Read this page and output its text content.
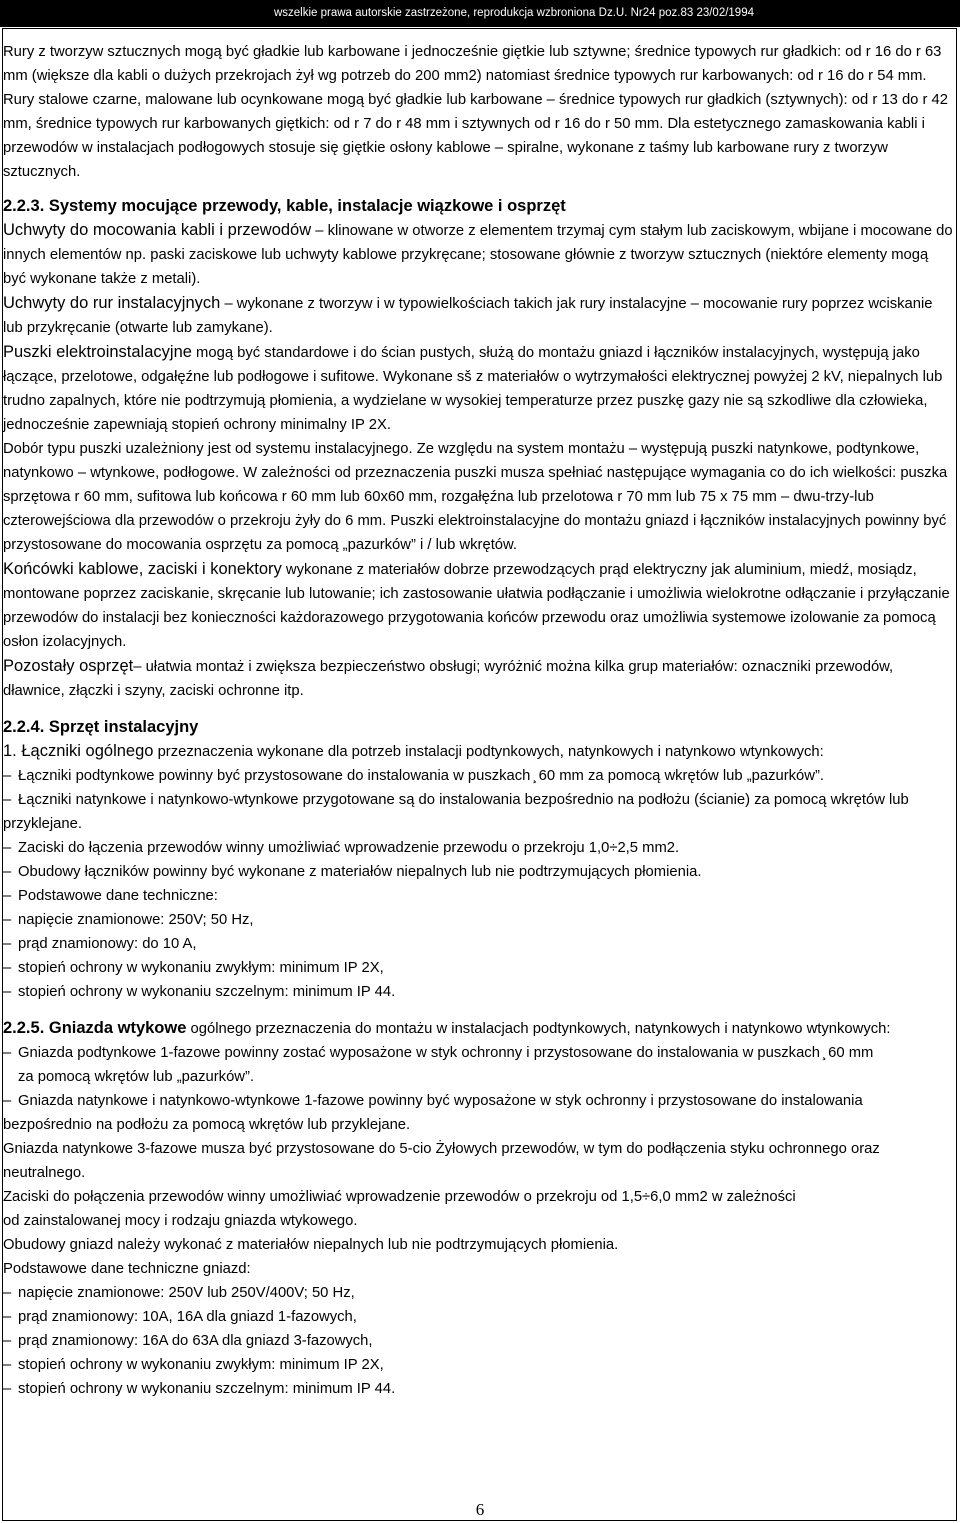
wszelkie prawa autorskie zastrzeżone, reprodukcja wzbroniona Dz.U. Nr24 poz.83 23/02/1994

Rury z tworzyw sztucznych mogą być gładkie lub karbowane i jednocześnie giętkie lub sztywne; średnice typowych rur gładkich: od r 16 do r 63 mm (większe dla kabli o dużych przekrojach żył wg potrzeb do 200 mm2) natomiast średnice typowych rur karbowanych: od r 16 do r 54 mm.

Rury stalowe czarne, malowane lub ocynkowane mogą być gładkie lub karbowane – średnice typowych rur gładkich (sztywnych): od r 13 do r 42 mm, średnice typowych rur karbowanych giętkich: od r 7 do r 48 mm i sztywnych od r 16 do r 50 mm. Dla estetycznego zamaskowania kabli i przewodów w instalacjach podłogowych stosuje się giętkie osłony kablowe – spiralne, wykonane z taśmy lub karbowane rury z tworzyw sztucznych.

2.2.3. Systemy mocujące przewody, kable, instalacje wiązkowe i osprzęt

Uchwyty do mocowania kabli i przewodów – klinowane w otworze z elementem trzymaj cym stałym lub zaciskowym, wbijane i mocowane do innych elementów np. paski zaciskowe lub uchwyty kablowe przykręcane; stosowane głównie z tworzyw sztucznych (niektóre elementy mogą być wykonane także z metali).

Uchwyty do rur instalacyjnych – wykonane z tworzyw i w typowielkościach takich jak rury instalacyjne – mocowanie rury poprzez wciskanie lub przykręcanie (otwarte lub zamykane).

Puszki elektroinstalacyjne mogą być standardowe i do ścian pustych, służą do montażu gniazd i łączników instalacyjnych, występują jako łączące, przelotowe, odgałęźne lub podłogowe i sufitowe. Wykonane sš z materiałów o wytrzymałości elektrycznej powyżej 2 kV, niepalnych lub trudno zapalnych, które nie podtrzymują płomienia, a wydzielane w wysokiej temperaturze przez puszkę gazy nie są szkodliwe dla człowieka, jednocześnie zapewniają stopień ochrony minimalny IP 2X.

Dobór typu puszki uzależniony jest od systemu instalacyjnego. Ze względu na system montażu – występują puszki natynkowe, podtynkowe, natynkowo – wtynkowe, podłogowe. W zależności od przeznaczenia puszki musza spełniać następujące wymagania co do ich wielkości: puszka sprzętowa r 60 mm, sufitowa lub końcowa r 60 mm lub 60x60 mm, rozgałęźna lub przelotowa r 70 mm lub 75 x 75 mm – dwu-trzy-lub czterowejściowa dla przewodów o przekroju żyły do 6 mm. Puszki elektroinstalacyjne do montażu gniazd i łączników instalacyjnych powinny być przystosowane do mocowania osprzętu za pomocą „pazurków” i / lub wkrętów.

Końcówki kablowe, zaciski i konektory wykonane z materiałów dobrze przewodzących prąd elektryczny jak aluminium, miedź, mosiądz, montowane poprzez zaciskanie, skręcanie lub lutowanie; ich zastosowanie ułatwia podłączanie i umożliwia wielokrotne odłączanie i przyłączanie przewodów do instalacji bez konieczności każdorazowego przygotowania końców przewodu oraz umożliwia systemowe izolowanie za pomocą osłon izolacyjnych.

Pozostały osprzęt– ułatwia montaż i zwiększa bezpieczeństwo obsługi; wyróżnić można kilka grup materiałów: oznaczniki przewodów, dławnice, złączki i szyny, zaciski ochronne itp.

2.2.4. Sprzęt instalacyjny

1. Łączniki ogólnego przeznaczenia wykonane dla potrzeb instalacji podtynkowych, natynkowych i natynkowo wtynkowych:

– Łączniki podtynkowe powinny być przystosowane do instalowania w puszkach ̧ 60 mm za pomocą wkrętów lub „pazurków”.

– Łączniki natynkowe i natynkowo-wtynkowe przygotowane są do instalowania bezpośrednio na podłożu (ścianie) za pomocą wkrętów lub przyklejane.

– Zaciski do łączenia przewodów winny umożliwiać wprowadzenie przewodu o przekroju 1,0÷2,5 mm2.

– Obudowy łączników powinny być wykonane z materiałów niepalnych lub nie podtrzymujących płomienia.

– Podstawowe dane techniczne:

– napięcie znamionowe: 250V; 50 Hz,

– prąd znamionowy: do 10 A,

– stopień ochrony w wykonaniu zwykłym: minimum IP 2X,

– stopień ochrony w wykonaniu szczelnym: minimum IP 44.

2.2.5. Gniazda wtykowe ogólnego przeznaczenia do montażu w instalacjach podtynkowych, natynkowych i natynkowo wtynkowych:

– Gniazda podtynkowe 1-fazowe powinny zostać wyposażone w styk ochronny i przystosowane do instalowania w puszkach ̧ 60 mm

za pomocą wkrętów lub „pazurków”.

– Gniazda natynkowe i natynkowo-wtynkowe 1-fazowe powinny być wyposażone w styk ochronny i przystosowane do instalowania bezpośrednio na podłożu za pomocą wkrętów lub przyklejane.

Gniazda natynkowe 3-fazowe musza być przystosowane do 5-cio Żyłowych przewodów, w tym do podłączenia styku ochronnego oraz neutralnego.

Zaciski do połączenia przewodów winny umożliwiać wprowadzenie przewodów o przekroju od 1,5÷6,0 mm2 w zależności

od zainstalowanej mocy i rodzaju gniazda wtykowego.

Obudowy gniazd należy wykonać z materiałów niepalnych lub nie podtrzymujących płomienia.

Podstawowe dane techniczne gniazd:

– napięcie znamionowe: 250V lub 250V/400V; 50 Hz,

– prąd znamionowy: 10A, 16A dla gniazd 1-fazowych,

– prąd znamionowy: 16A do 63A dla gniazd 3-fazowych,

– stopień ochrony w wykonaniu zwykłym: minimum IP 2X,

– stopień ochrony w wykonaniu szczelnym: minimum IP 44.

6
